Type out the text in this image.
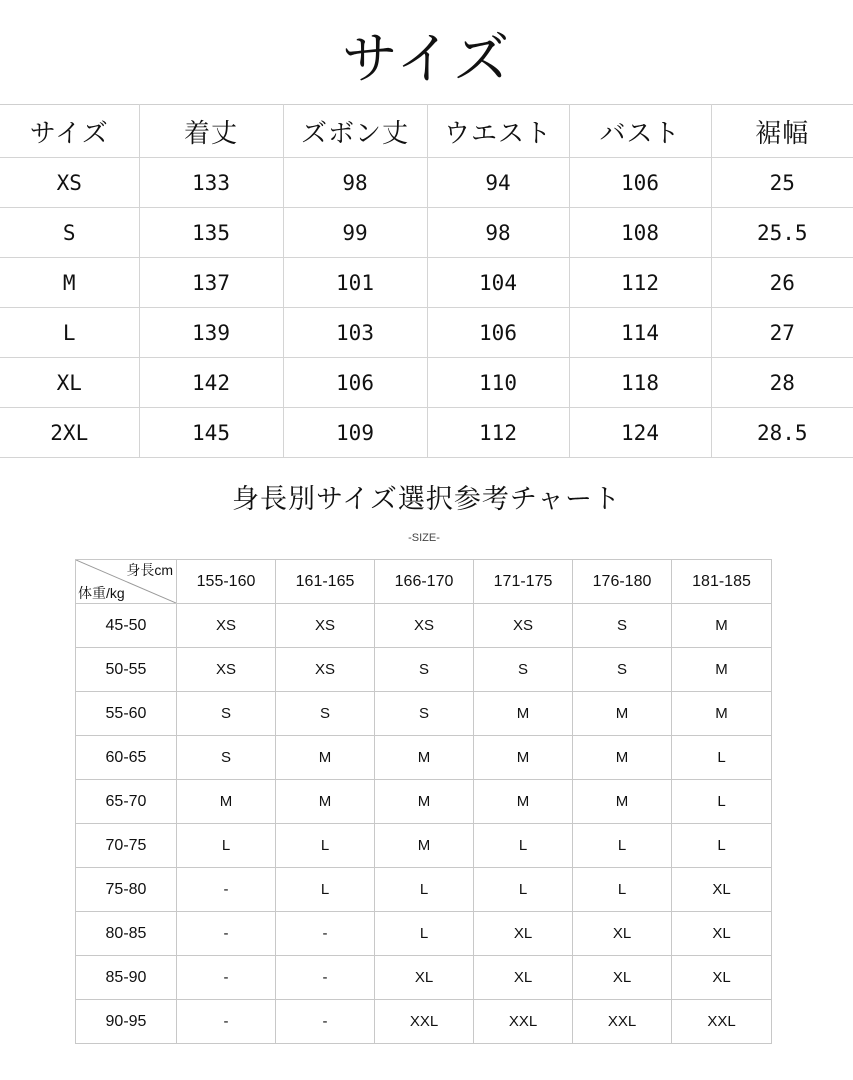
サイズ
サイズ	着丈	ズボン丈	ウエスト	バスト	裾幅
XS	133	98	94	106	25
S	135	99	98	108	25.5
M	137	101	104	112	26
L	139	103	106	114	27
XL	142	106	110	118	28
2XL	145	109	112	124	28.5
身長別サイズ選択参考チャート
-SIZE-
身長cm
体重/kg	155-160	161-165	166-170	171-175	176-180	181-185
45-50	XS	XS	XS	XS	S	M
50-55	XS	XS	S	S	S	M
55-60	S	S	S	M	M	M
60-65	S	M	M	M	M	L
65-70	M	M	M	M	M	L
70-75	L	L	M	L	L	L
75-80	-	L	L	L	L	XL
80-85	-	-	L	XL	XL	XL
85-90	-	-	XL	XL	XL	XL
90-95	-	-	XXL	XXL	XXL	XXL
